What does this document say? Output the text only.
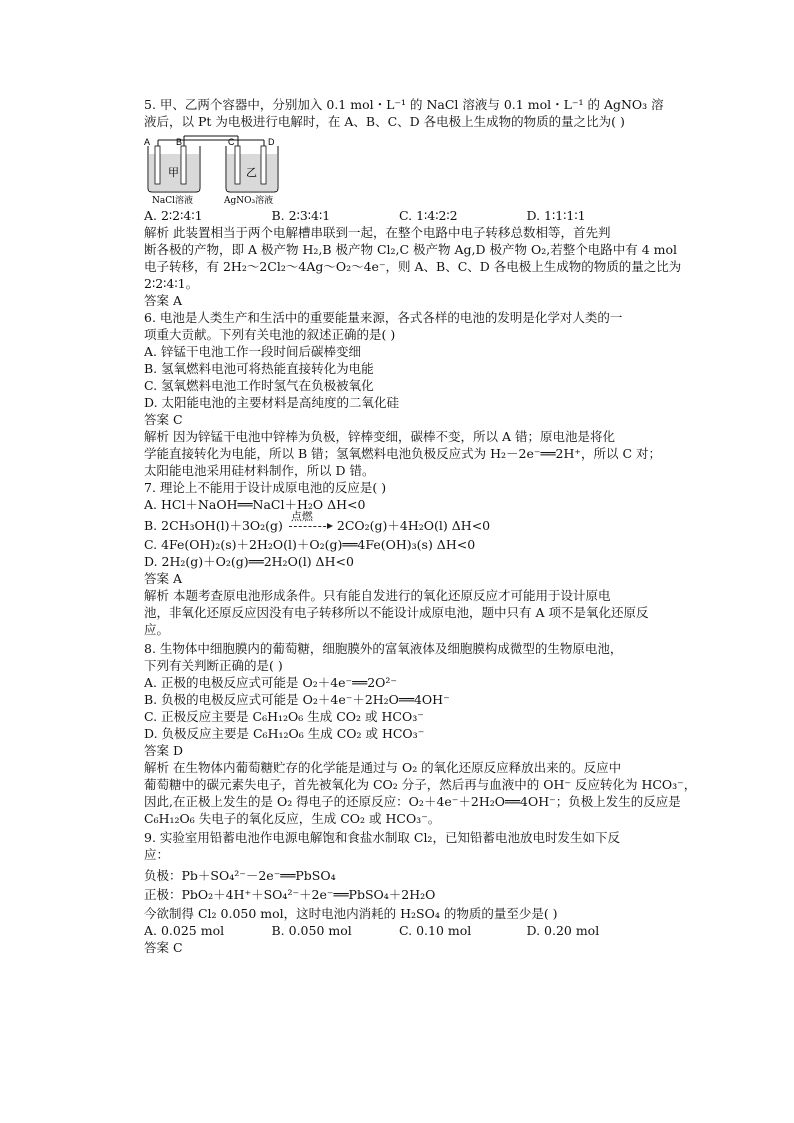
5. 甲、乙两个容器中，分别加入 0.1 mol・L⁻¹ 的 NaCl 溶液与 0.1 mol・L⁻¹ 的 AgNO₃ 溶

液后，以 Pt 为电极进行电解时，在 A、B、C、D 各电极上生成物的物质的量之比为( )

A	B	C	D
甲	乙
NaCl溶液	AgNO₃溶液
A. 2∶2∶4∶1	B. 2∶3∶4∶1	C. 1∶4∶2∶2	D. 1∶1∶1∶1

解析 此装置相当于两个电解槽串联到一起，在整个电路中电子转移总数相等，首先判

断各极的产物，即 A 极产物 H₂,B 极产物 Cl₂,C 极产物 Ag,D 极产物 O₂,若整个电路中有 4 mol

电子转移，有 2H₂～2Cl₂～4Ag～O₂～4e⁻，则 A、B、C、D 各电极上生成物的物质的量之比为

2∶2∶4∶1。

答案 A

6. 电池是人类生产和生活中的重要能量来源，各式各样的电池的发明是化学对人类的一

项重大贡献。下列有关电池的叙述正确的是( )

A. 锌锰干电池工作一段时间后碳棒变细

B. 氢氧燃料电池可将热能直接转化为电能

C. 氢氧燃料电池工作时氢气在负极被氧化

D. 太阳能电池的主要材料是高纯度的二氧化硅

答案 C

解析 因为锌锰干电池中锌棒为负极，锌棒变细，碳棒不变，所以 A 错；原电池是将化

学能直接转化为电能，所以 B 错；氢氧燃料电池负极反应式为 H₂－2e⁻══2H⁺，所以 C 对；

太阳能电池采用硅材料制作，所以 D 错。

7. 理论上不能用于设计成原电池的反应是( )

A. HCl＋NaOH══NaCl＋H₂O ΔH<0

B. 2CH₃OH(l)＋3O₂(g)
点燃
2CO₂(g)＋4H₂O(l) ΔH<0

C. 4Fe(OH)₂(s)＋2H₂O(l)＋O₂(g)══4Fe(OH)₃(s) ΔH<0

D. 2H₂(g)＋O₂(g)══2H₂O(l) ΔH<0

答案 A

解析 本题考查原电池形成条件。只有能自发进行的氧化还原反应才可能用于设计原电

池，非氧化还原反应因没有电子转移所以不能设计成原电池，题中只有 A 项不是氧化还原反

应。

8. 生物体中细胞膜内的葡萄糖，细胞膜外的富氧液体及细胞膜构成微型的生物原电池，

下列有关判断正确的是( )

A. 正极的电极反应式可能是 O₂＋4e⁻══2O²⁻

B. 负极的电极反应式可能是 O₂＋4e⁻＋2H₂O══4OH⁻

C. 正极反应主要是 C₆H₁₂O₆ 生成 CO₂ 或 HCO₃⁻

D. 负极反应主要是 C₆H₁₂O₆ 生成 CO₂ 或 HCO₃⁻

答案 D

解析 在生物体内葡萄糖贮存的化学能是通过与 O₂ 的氧化还原反应释放出来的。反应中

葡萄糖中的碳元素失电子，首先被氧化为 CO₂ 分子，然后再与血液中的 OH⁻ 反应转化为 HCO₃⁻，

因此,在正极上发生的是 O₂ 得电子的还原反应：O₂＋4e⁻＋2H₂O══4OH⁻；负极上发生的反应是

C₆H₁₂O₆ 失电子的氧化反应，生成 CO₂ 或 HCO₃⁻。

9. 实验室用铅蓄电池作电源电解饱和食盐水制取 Cl₂，已知铅蓄电池放电时发生如下反

应：

负极：Pb＋SO₄²⁻－2e⁻══PbSO₄

正极：PbO₂＋4H⁺＋SO₄²⁻＋2e⁻══PbSO₄＋2H₂O

今欲制得 Cl₂ 0.050 mol，这时电池内消耗的 H₂SO₄ 的物质的量至少是( )

A. 0.025 mol	B. 0.050 mol	C. 0.10 mol	D. 0.20 mol

答案 C
